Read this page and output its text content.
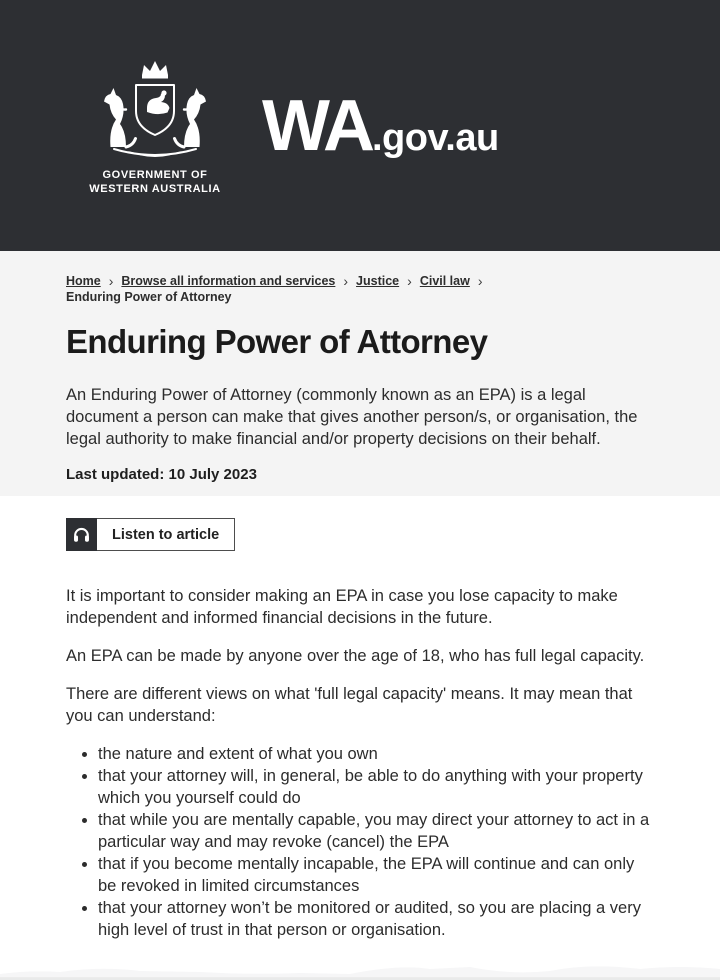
GOVERNMENT OF
WESTERN AUSTRALIA
WA .gov.au
Home › Browse all information and services › Justice › Civil law ›
Enduring Power of Attorney
Enduring Power of Attorney

An Enduring Power of Attorney (commonly known as an EPA) is a legal document a person can make that gives another person/s, or organisation, the legal authority to make financial and/or property decisions on their behalf.

Last updated: 10 July 2023

Listen to article

It is important to consider making an EPA in case you lose capacity to make independent and informed financial decisions in the future.

An EPA can be made by anyone over the age of 18, who has full legal capacity.

There are different views on what 'full legal capacity' means. It may mean that you can understand:

• the nature and extent of what you own
• that your attorney will, in general, be able to do anything with your property which you yourself could do
• that while you are mentally capable, you may direct your attorney to act in a particular way and may revoke (cancel) the EPA
• that if you become mentally incapable, the EPA will continue and can only be revoked in limited circumstances
• that your attorney won’t be monitored or audited, so you are placing a very high level of trust in that person or organisation.
